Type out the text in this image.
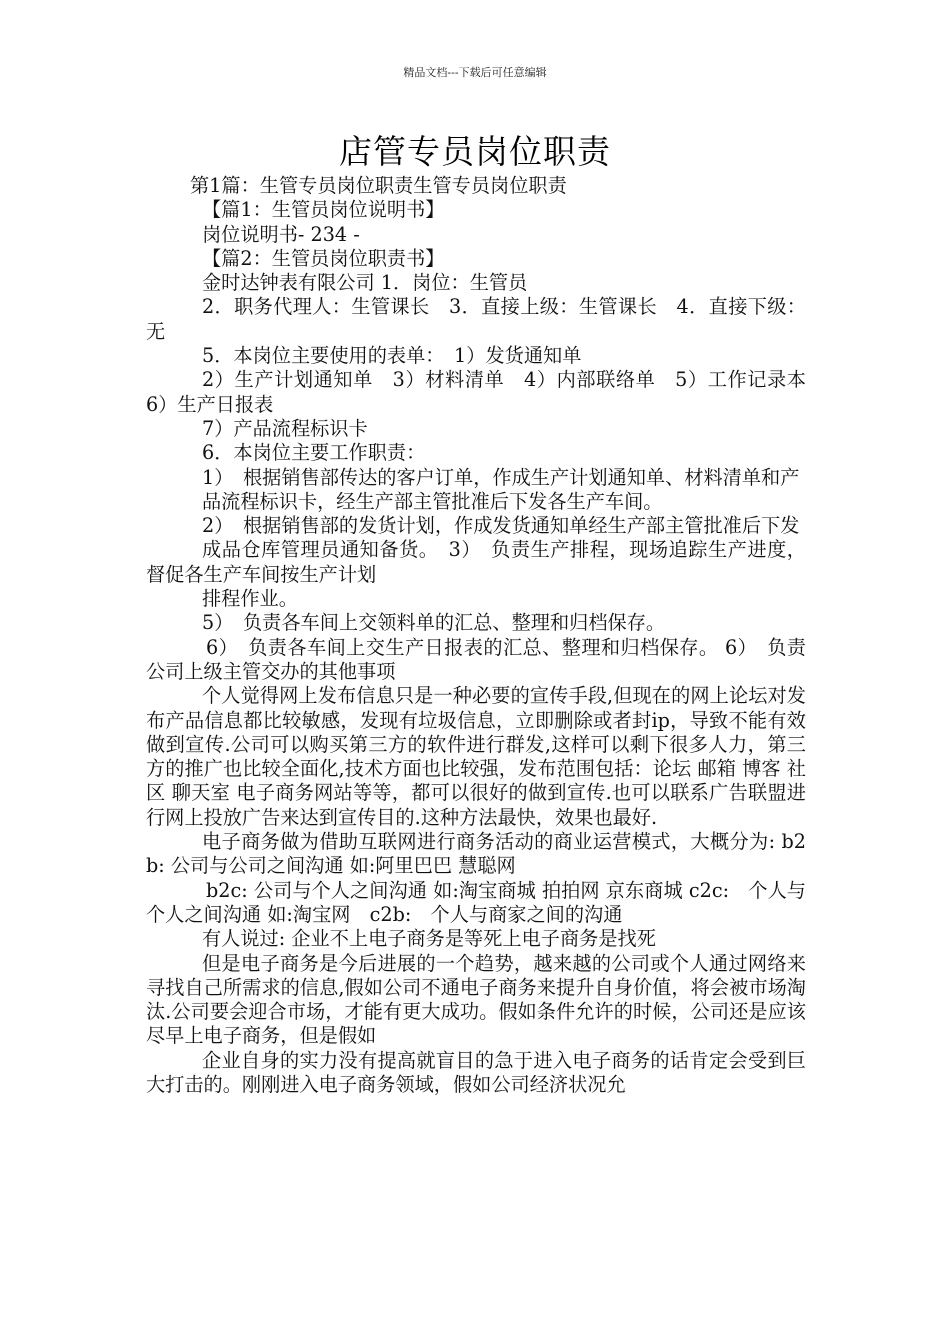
精品文档---下载后可任意编辑
店管专员岗位职责

第1篇：生管专员岗位职责生管专员岗位职责

【篇1：生管员岗位说明书】

岗位说明书- 234 -

【篇2：生管员岗位职责书】

金时达钟表有限公司 1．岗位：生管员

2．职务代理人：生管课长　3．直接上级：生管课长　4．直接下级：无

5．本岗位主要使用的表单：　1）发货通知单

2）生产计划通知单　3）材料清单　4）内部联络单　5）工作记录本　6）生产日报表

7）产品流程标识卡

6．本岗位主要工作职责：

1）　根据销售部传达的客户订单，作成生产计划通知单、材料清单和产

品流程标识卡，经生产部主管批准后下发各生产车间。

2）　根据销售部的发货计划，作成发货通知单经生产部主管批准后下发

成品仓库管理员通知备货。　3）　负责生产排程，现场追踪生产进度，督促各生产车间按生产计划

排程作业。

5）　负责各车间上交领料单的汇总、整理和归档保存。

6）　负责各车间上交生产日报表的汇总、整理和归档保存。 6）　负责公司上级主管交办的其他事项

个人觉得网上发布信息只是一种必要的宣传手段,但现在的网上论坛对发布产品信息都比较敏感，发现有垃圾信息，立即删除或者封ip，导致不能有效做到宣传.公司可以购买第三方的软件进行群发,这样可以剩下很多人力，第三方的推广也比较全面化,技术方面也比较强，发布范围包括：论坛 邮箱 博客 社区 聊天室 电子商务网站等等，都可以很好的做到宣传.也可以联系广告联盟进行网上投放广告来达到宣传目的.这种方法最快，效果也最好.

电子商务做为借助互联网进行商务活动的商业运营模式，大概分为: b2b: 公司与公司之间沟通 如:阿里巴巴 慧聪网

b2c: 公司与个人之间沟通 如:淘宝商城 拍拍网 京东商城 c2c:　个人与个人之间沟通 如:淘宝网　c2b:　个人与商家之间的沟通

有人说过: 企业不上电子商务是等死上电子商务是找死

但是电子商务是今后进展的一个趋势，越来越的公司或个人通过网络来寻找自己所需求的信息,假如公司不通电子商务来提升自身价值，将会被市场淘汰.公司要会迎合市场，才能有更大成功。假如条件允许的时候，公司还是应该尽早上电子商务，但是假如

企业自身的实力没有提高就盲目的急于进入电子商务的话肯定会受到巨大打击的。刚刚进入电子商务领域，假如公司经济状况允
